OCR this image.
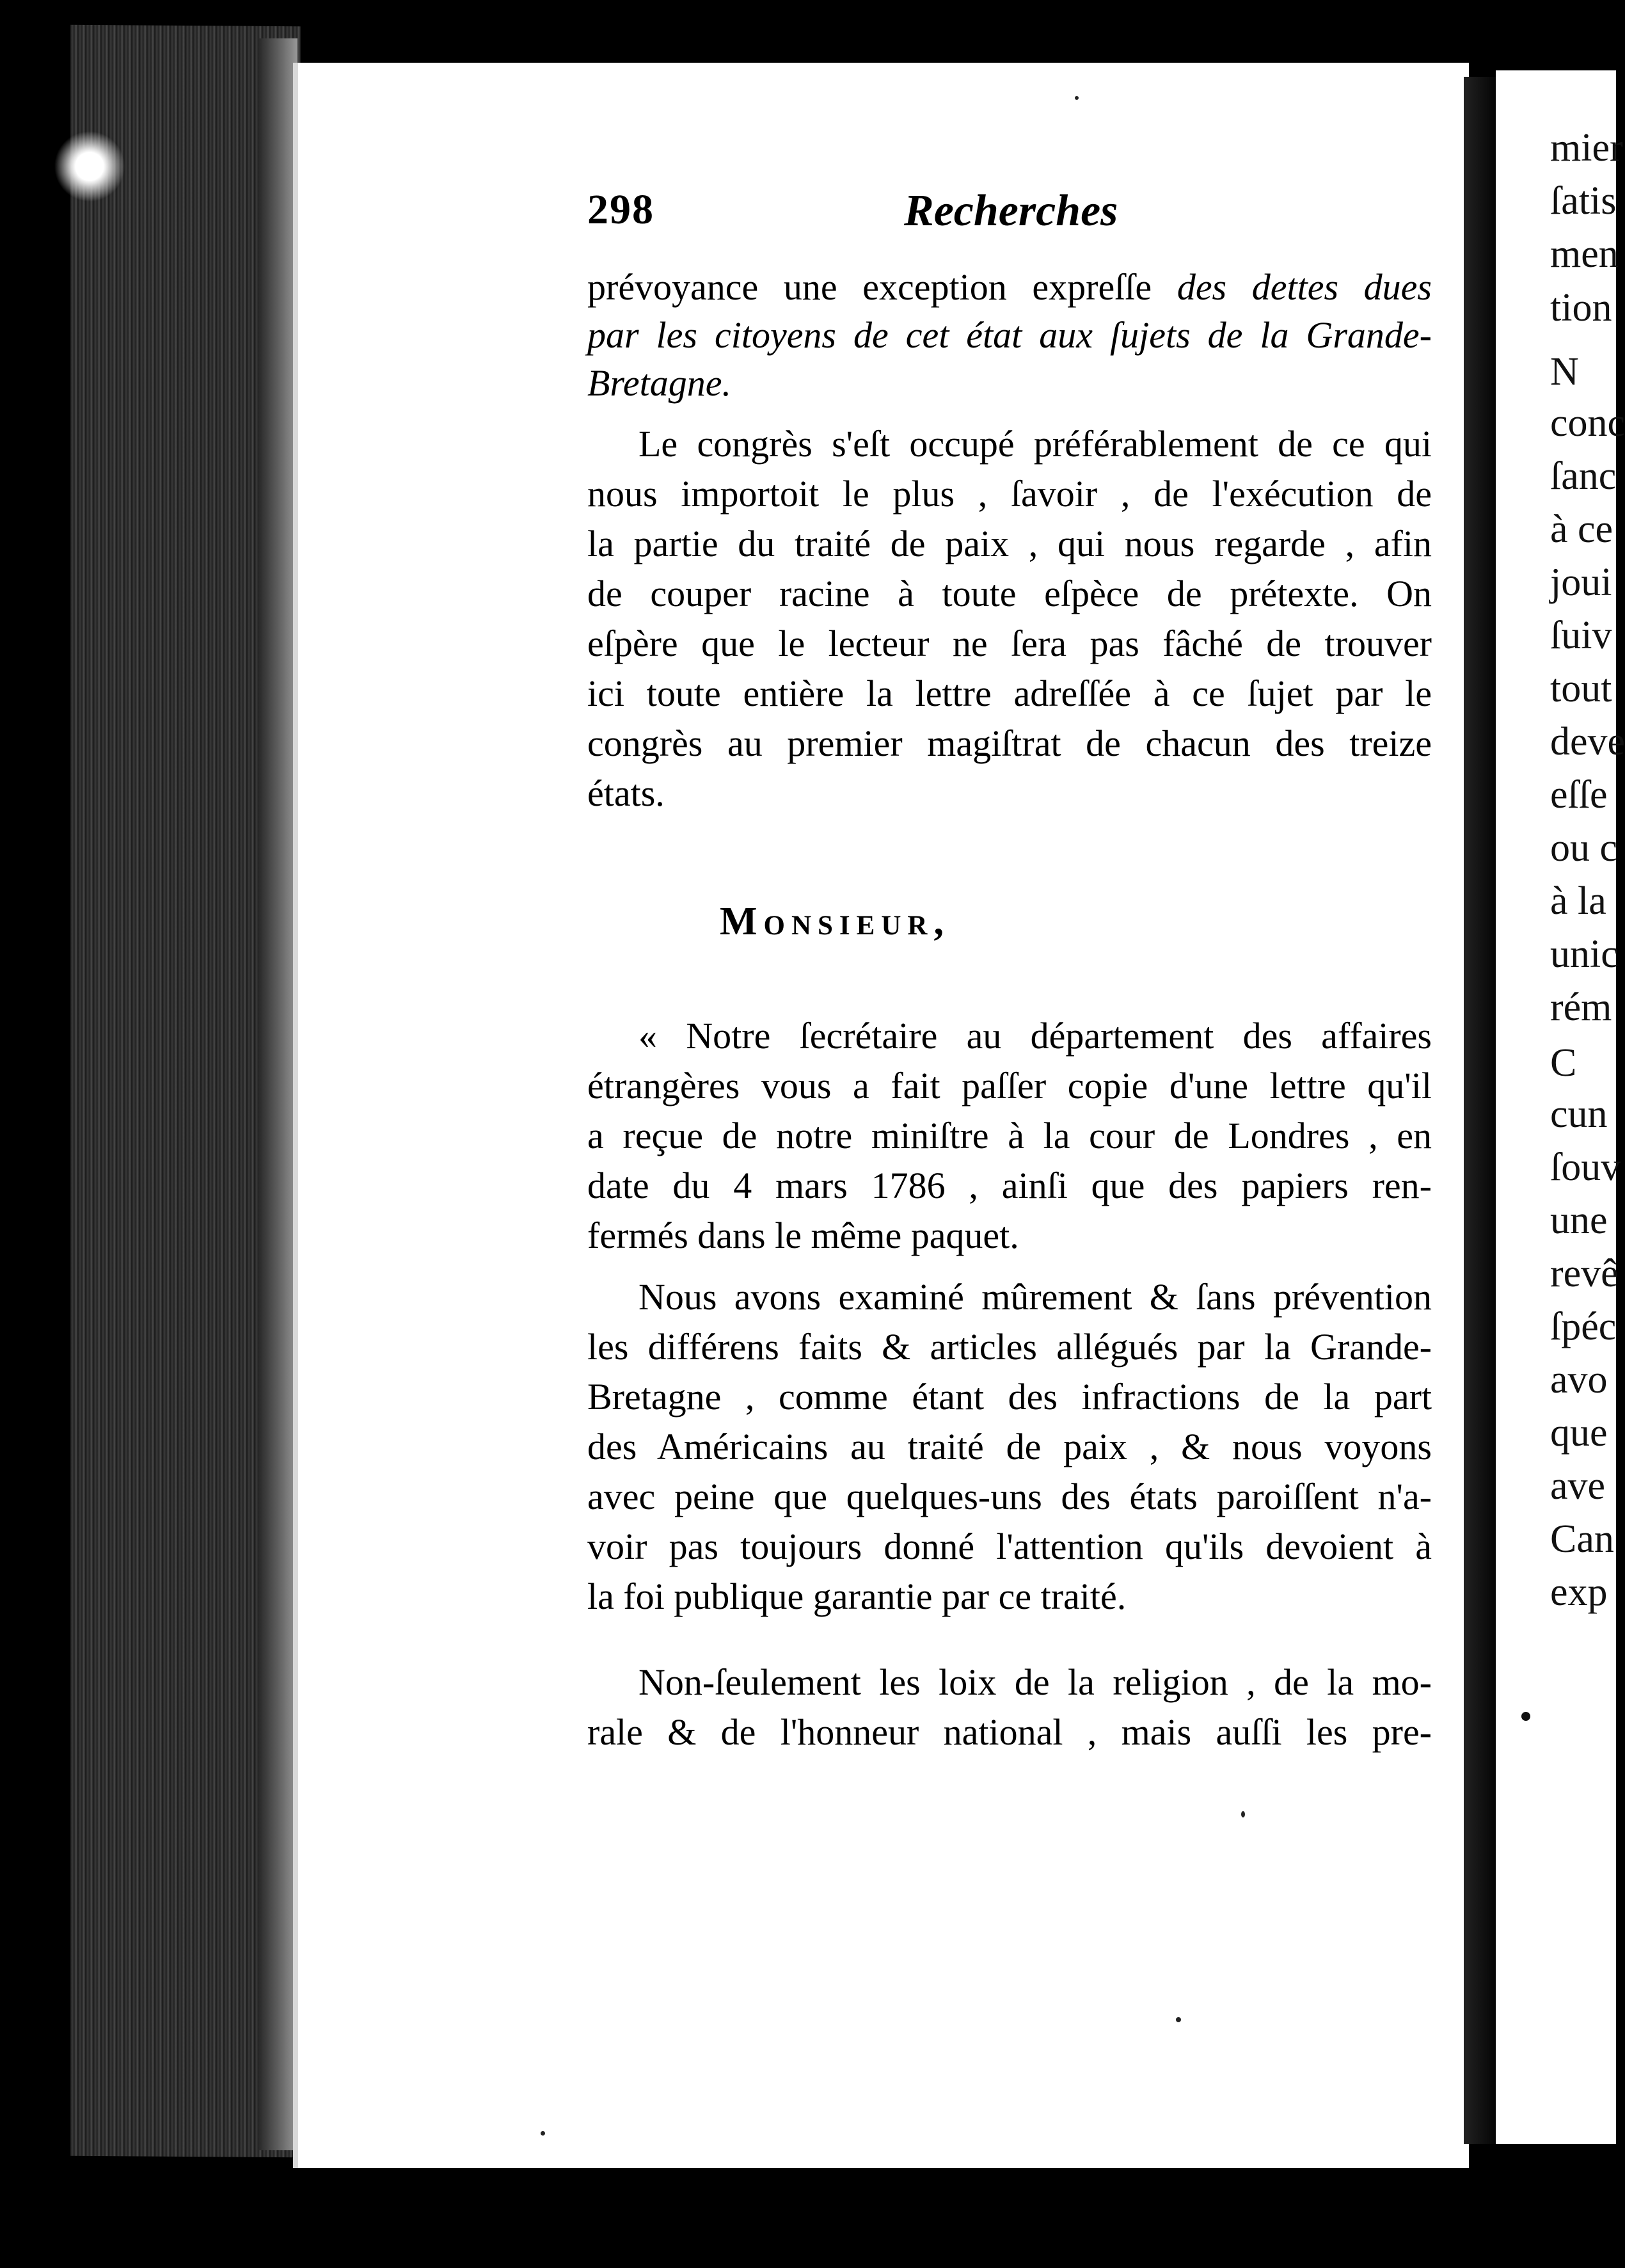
mier
ſatis
men
tion
N
conc
ſanc
à ce
joui
ſuiv
tout
deve
eſſe
ou c
à la
unic
rém
C
cun
ſouv
une
revê
ſpéc
avo
que
ave
Can
exp
298	Recherches
prévoyance une exception expreſſe des dettes dues
par les citoyens de cet état aux ſujets de la Grande-
Bretagne.
Le congrès s'eſt occupé préférablement de ce qui
nous importoit le plus , ſavoir , de l'exécution de
la partie du traité de paix , qui nous regarde , afin
de couper racine à toute eſpèce de prétexte. On
eſpère que le lecteur ne ſera pas fâché de trouver
ici toute entière la lettre adreſſée à ce ſujet par le
congrès au premier magiſtrat de chacun des treize
états.
Monsieur,
« Notre ſecrétaire au département des affaires
étrangères vous a fait paſſer copie d'une lettre qu'il
a reçue de notre miniſtre à la cour de Londres , en
date du 4 mars 1786 , ainſi que des papiers ren-
fermés dans le même paquet.
Nous avons examiné mûrement & ſans prévention
les différens faits & articles allégués par la Grande-
Bretagne , comme étant des infractions de la part
des Américains au traité de paix , & nous voyons
avec peine que quelques-uns des états paroiſſent n'a-
voir pas toujours donné l'attention qu'ils devoient à
la foi publique garantie par ce traité.
Non-ſeulement les loix de la religion , de la mo-
rale & de l'honneur national , mais auſſi les pre-
